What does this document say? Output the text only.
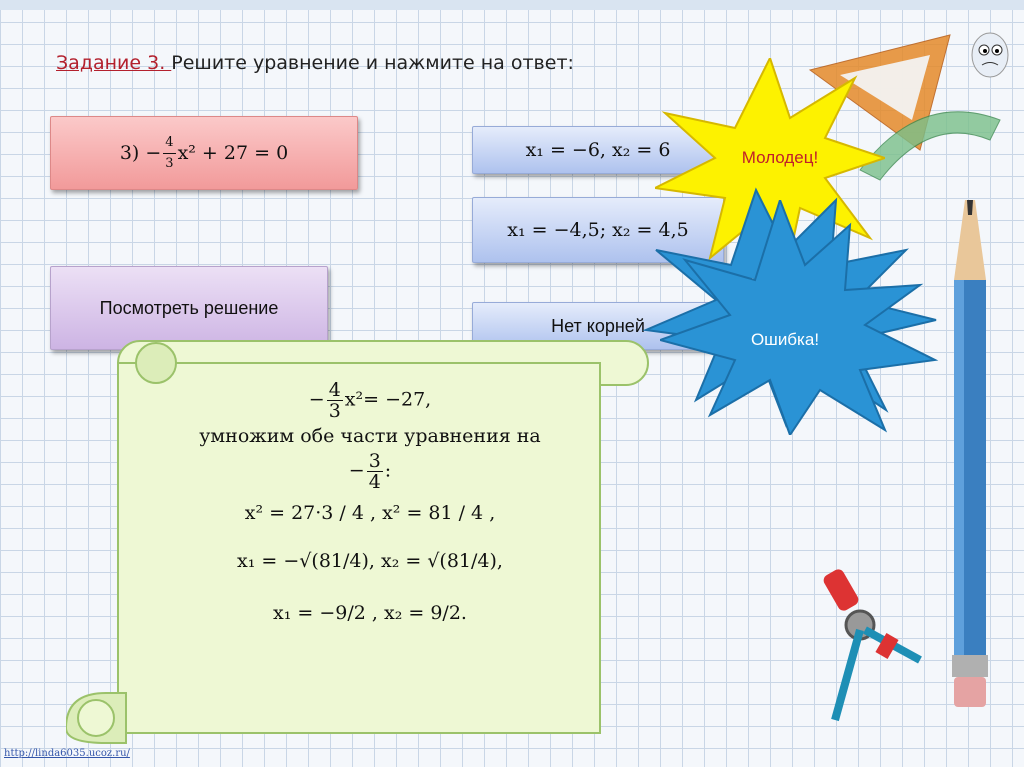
Задание 3. Решите уравнение и нажмите на ответ:
$3) - \frac{4}{3} x^2 + 27 = 0$
Посмотреть решение
x₁ = −6, x₂ = 6
x₁ = −4,5; x₂ = 4,5
Нет корней
− $\frac{4}{3} x^2= -27$,
умножим обе части уравнения на
− $\frac{3}{4}$ :
x² = 27·3 / 4 , x² = 81 / 4 ,
x₁ = −√(81/4), x₂ = √(81/4),
x₁ = −9/2 , x₂ = 9/2.
Молодец!
Ошибка!
http://linda6035.ucoz.ru/
